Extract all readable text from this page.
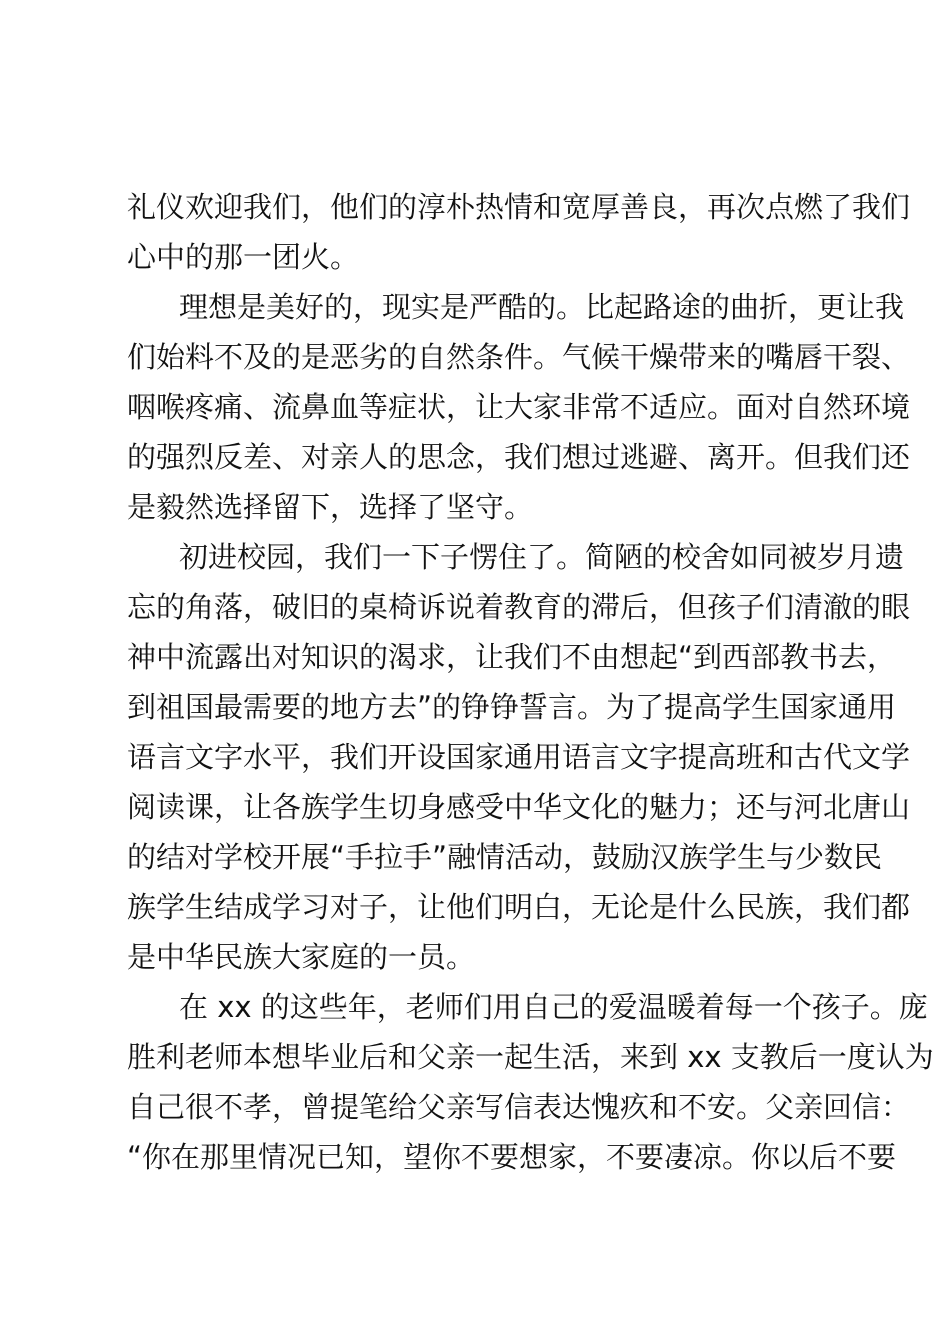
礼仪欢迎我们，他们的淳朴热情和宽厚善良，再次点燃了我们
心中的那一团火。
理想是美好的，现实是严酷的。比起路途的曲折，更让我
们始料不及的是恶劣的自然条件。气候干燥带来的嘴唇干裂、
咽喉疼痛、流鼻血等症状，让大家非常不适应。面对自然环境
的强烈反差、对亲人的思念，我们想过逃避、离开。但我们还
是毅然选择留下，选择了坚守。
初进校园，我们一下子愣住了。简陋的校舍如同被岁月遗
忘的角落，破旧的桌椅诉说着教育的滞后，但孩子们清澈的眼
神中流露出对知识的渴求，让我们不由想起“到西部教书去，
到祖国最需要的地方去”的铮铮誓言。为了提高学生国家通用
语言文字水平，我们开设国家通用语言文字提高班和古代文学
阅读课，让各族学生切身感受中华文化的魅力；还与河北唐山
的结对学校开展“手拉手”融情活动，鼓励汉族学生与少数民
族学生结成学习对子，让他们明白，无论是什么民族，我们都
是中华民族大家庭的一员。
在 xx 的这些年，老师们用自己的爱温暖着每一个孩子。庞
胜利老师本想毕业后和父亲一起生活，来到 xx 支教后一度认为
自己很不孝，曾提笔给父亲写信表达愧疚和不安。父亲回信：
“你在那里情况已知，望你不要想家，不要凄凉。你以后不要
